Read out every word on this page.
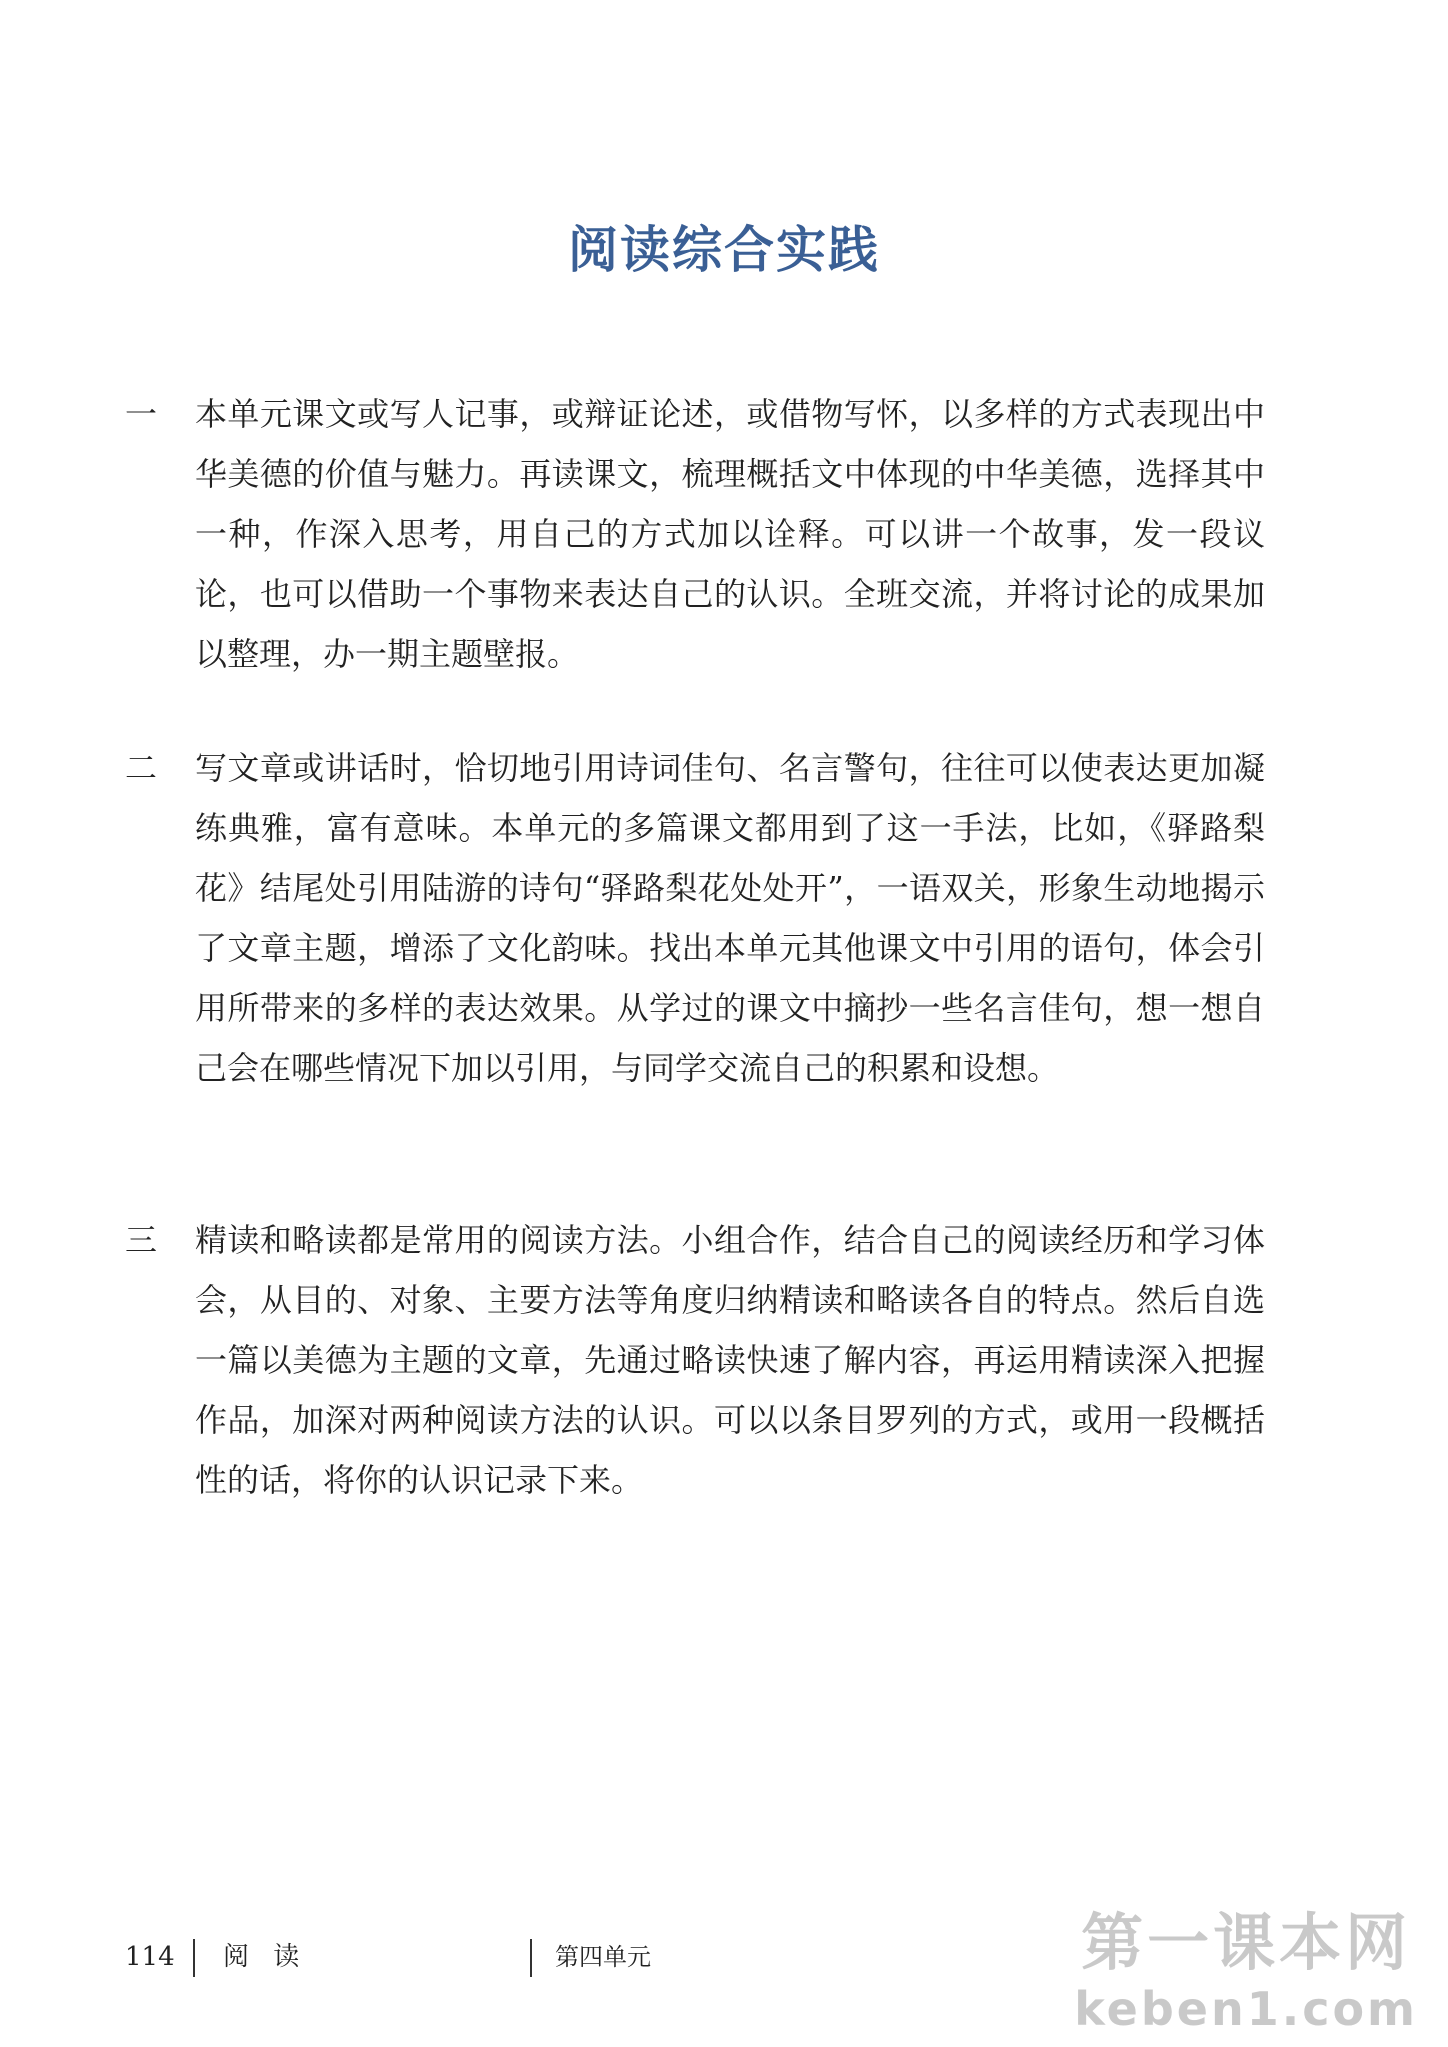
阅读综合实践
一 本单元课文或写人记事，或辩证论述，或借物写怀，以多样的方式表现出中华美德的价值与魅力。再读课文，梳理概括文中体现的中华美德，选择其中一种，作深入思考，用自己的方式加以诠释。可以讲一个故事，发一段议论，也可以借助一个事物来表达自己的认识。全班交流，并将讨论的成果加以整理，办一期主题壁报。
二 写文章或讲话时，恰切地引用诗词佳句、名言警句，往往可以使表达更加凝练典雅，富有意味。本单元的多篇课文都用到了这一手法，比如，《驿路梨花》结尾处引用陆游的诗句“驿路梨花处处开”，一语双关，形象生动地揭示了文章主题，增添了文化韵味。找出本单元其他课文中引用的语句，体会引用所带来的多样的表达效果。从学过的课文中摘抄一些名言佳句，想一想自己会在哪些情况下加以引用，与同学交流自己的积累和设想。
三 精读和略读都是常用的阅读方法。小组合作，结合自己的阅读经历和学习体会，从目的、对象、主要方法等角度归纳精读和略读各自的特点。然后自选一篇以美德为主题的文章，先通过略读快速了解内容，再运用精读深入把握作品，加深对两种阅读方法的认识。可以以条目罗列的方式，或用一段概括性的话，将你的认识记录下来。
114 阅 读	第四单元	第一课本网
keben1.com
